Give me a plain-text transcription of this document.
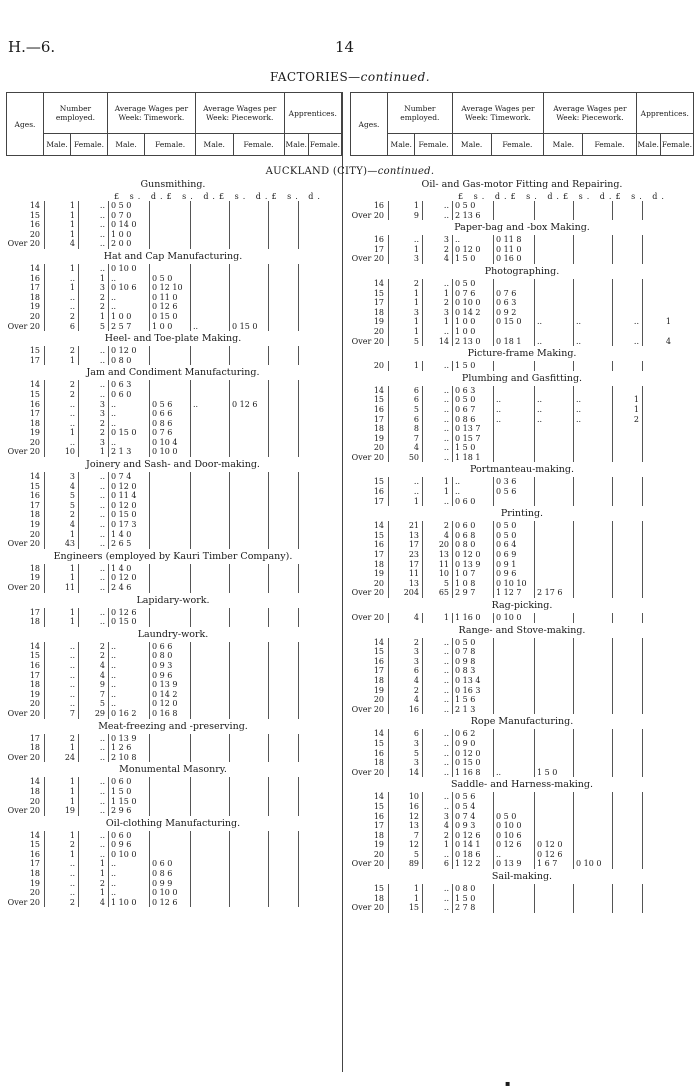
H.—6.	14
FACTORIES—continued.
Ages.	Number employed.		Average Wages per Week: Timework.		Average Wages per Week: Piecework.		Apprentices.	
	Male.	Female.	Male.	Female.	Male.	Female.	Male.	Female.
Ages.	Number employed.		Average Wages per Week: Timework.		Average Wages per Week: Piecework.		Apprentices.	
	Male.	Female.	Male.	Female.	Male.	Female.	Male.	Female.
AUCKLAND (CITY)—continued.
Gunsmithing.
£ s. d.£ s. d.£ s. d.£ s. d.
14	1	..	0 5 0					
15	1	..	0 7 0					
16	1	..	0 14 0					
20	1	..	1 0 0					
Over 20	4	..	2 0 0					
Hat and Cap Manufacturing.
14	1	..	0 10 0					
16	..	1	..	0 5 0				
17	1	3	0 10 6	0 12 10				
18	..	2	..	0 11 0				
19	..	2	..	0 12 6				
20	2	1	1 0 0	0 15 0				
Over 20	6	5	2 5 7	1 0 0	..	0 15 0		
Heel- and Toe-plate Making.
15	2	..	0 12 0					
17	1	..	0 8 0					
Jam and Condiment Manufacturing.
14	2	..	0 6 3					
15	2	..	0 6 0					
16	..	3	..	0 5 6	..	0 12 6		
17	..	3	..	0 6 6				
18	..	2	..	0 8 6				
19	1	2	0 15 0	0 7 6				
20	..	3	..	0 10 4				
Over 20	10	1	2 1 3	0 10 0				
Joinery and Sash- and Door-making.
14	3	..	0 7 4					
15	4	..	0 12 0					
16	5	..	0 11 4					
17	5	..	0 12 0					
18	2	..	0 15 0					
19	4	..	0 17 3					
20	1	..	1 4 0					
Over 20	43	..	2 6 5					
Engineers (employed by Kauri Timber Company).
18	1	..	1 4 0					
19	1	..	0 12 0					
Over 20	11	..	2 4 6					
Lapidary-work.
17	1	..	0 12 6					
18	1	..	0 15 0					
Laundry-work.
14	..	2	..	0 6 6				
15	..	2	..	0 8 0				
16	..	4	..	0 9 3				
17	..	4	..	0 9 6				
18	..	9	..	0 13 9				
19	..	7	..	0 14 2				
20	..	5	..	0 12 0				
Over 20	7	29	0 16 2	0 16 8				
Meat-freezing and -preserving.
17	2	..	0 13 9					
18	1	..	1 2 6					
Over 20	24	..	2 10 8					
Monumental Masonry.
14	1	..	0 6 0					
18	1	..	1 5 0					
20	1	..	1 15 0					
Over 20	19	..	2 9 6					
Oil-clothing Manufacturing.
14	1	..	0 6 0					
15	2	..	0 9 6					
16	1	..	0 10 0					
17	..	1	..	0 6 0				
18	..	1	..	0 8 6				
19	..	2	..	0 9 9				
20	..	1	..	0 10 0				
Over 20	2	4	1 10 0	0 12 6				
Oil- and Gas-motor Fitting and Repairing.
£ s. d.£ s. d.£ s. d.£ s. d.
16	1	..	0 5 0					
Over 20	9	..	2 13 6					
Paper-bag and -box Making.
16	..	3	..	0 11 8				
17	1	2	0 12 0	0 11 0				
Over 20	3	4	1 5 0	0 16 0				
Photographing.
14	2	..	0 5 0					
15	1	1	0 7 6	0 7 6				
17	1	2	0 10 0	0 6 3				
18	3	3	0 14 2	0 9 2				
19	1	1	1 0 0	0 15 0	..	..	..	1
20	1	..	1 0 0					
Over 20	5	14	2 13 0	0 18 1	..	..	..	4
Picture-frame Making.
20	1	..	1 5 0					
Plumbing and Gasfitting.
14	6	..	0 6 3					
15	6	..	0 5 0	..	..	..	1	
16	5	..	0 6 7	..	..	..	1	
17	6	..	0 8 6	..	..	..	2	
18	8	..	0 13 7					
19	7	..	0 15 7					
20	4	..	1 5 0					
Over 20	50	..	1 18 1					
Portmanteau-making.
15	..	1	..	0 3 6				
16	..	1	..	0 5 6				
17	1	..	0 6 0					
Printing.
14	21	2	0 6 0	0 5 0				
15	13	4	0 6 8	0 5 0				
16	17	20	0 8 0	0 6 4				
17	23	13	0 12 0	0 6 9				
18	17	11	0 13 9	0 9 1				
19	11	10	1 0 7	0 9 6				
20	13	5	1 0 8	0 10 10				
Over 20	204	65	2 9 7	1 12 7	2 17 6			
Rag-picking.
Over 20	4	1	1 16 0	0 10 0				
Range- and Stove-making.
14	2	..	0 5 0					
15	3	..	0 7 8					
16	3	..	0 9 8					
17	6	..	0 8 3					
18	4	..	0 13 4					
19	2	..	0 16 3					
20	4	..	1 5 6					
Over 20	16	..	2 1 3					
Rope Manufacturing.
14	6	..	0 6 2					
15	3	..	0 9 0					
16	5	..	0 12 0					
18	3	..	0 15 0					
Over 20	14	..	1 16 8	..	1 5 0			
Saddle- and Harness-making.
14	10	..	0 5 6					
15	16	..	0 5 4					
16	12	3	0 7 4	0 5 0				
17	13	4	0 9 3	0 10 0				
18	7	2	0 12 6	0 10 6				
19	12	1	0 14 1	0 12 6	0 12 0			
20	5	..	0 18 6	..	0 12 6			
Over 20	89	6	1 12 2	0 13 9	1 6 7	0 10 0		
Sail-making.
15	1	..	0 8 0					
18	1	..	1 5 0					
Over 20	15	..	2 7 8					
▪
